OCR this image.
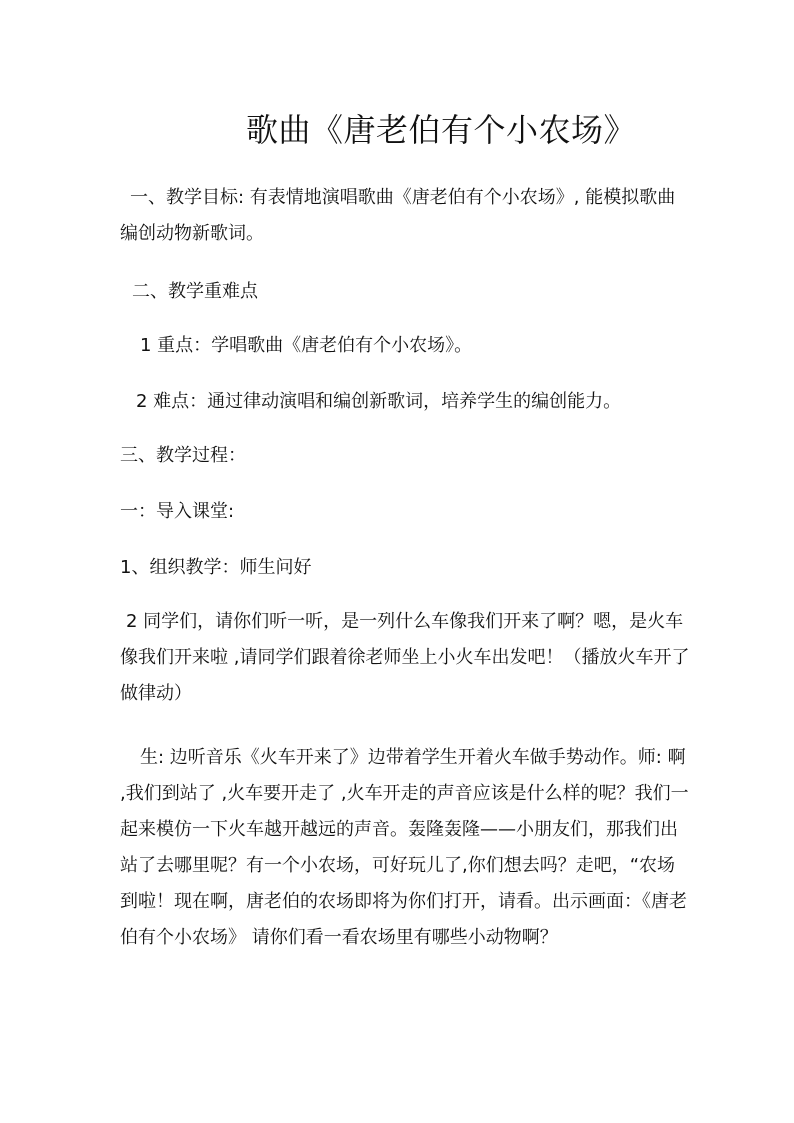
歌曲《唐老伯有个小农场》

一、教学目标: 有表情地演唱歌曲《唐老伯有个小农场》, 能模拟歌曲编创动物新歌词。

二、教学重难点

1 重点：学唱歌曲《唐老伯有个小农场》。

2 难点：通过律动演唱和编创新歌词，培养学生的编创能力。

三、教学过程：

一：导入课堂:

1、组织教学：师生问好

2 同学们，请你们听一听，是一列什么车像我们开来了啊？嗯，是火车像我们开来啦 ,请同学们跟着徐老师坐上小火车出发吧！（播放火车开了做律动）

生: 边听音乐《火车开来了》边带着学生开着火车做手势动作。师: 啊 ,我们到站了 ,火车要开走了 ,火车开走的声音应该是什么样的呢？我们一起来模仿一下火车越开越远的声音。轰隆轰隆——小朋友们，那我们出站了去哪里呢？有一个小农场，可好玩儿了,你们想去吗？走吧，“农场到啦！现在啊，唐老伯的农场即将为你们打开，请看。出示画面：《唐老伯有个小农场》 请你们看一看农场里有哪些小动物啊？
